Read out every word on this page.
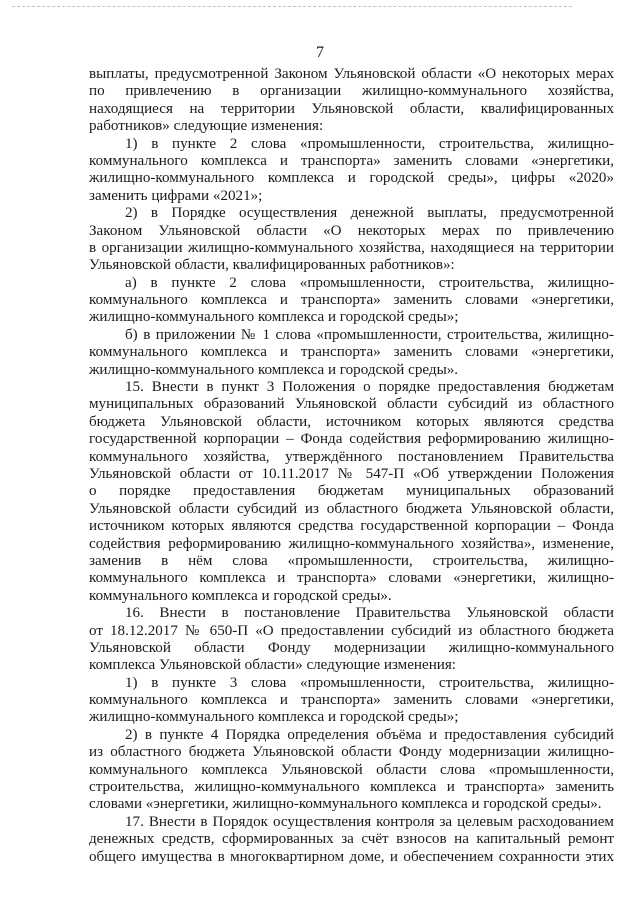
7
выплаты, предусмотренной Законом Ульяновской области «О некоторых мерах
по привлечению в организации жилищно-коммунального хозяйства,
находящиеся на территории Ульяновской области, квалифицированных
работников» следующие изменения:
1) в пункте 2 слова «промышленности, строительства, жилищно-
коммунального комплекса и транспорта» заменить словами «энергетики,
жилищно-коммунального комплекса и городской среды», цифры «2020»
заменить цифрами «2021»;
2) в Порядке осуществления денежной выплаты, предусмотренной
Законом Ульяновской области «О некоторых мерах по привлечению
в организации жилищно-коммунального хозяйства, находящиеся на территории
Ульяновской области, квалифицированных работников»:
а) в пункте 2 слова «промышленности, строительства, жилищно-
коммунального комплекса и транспорта» заменить словами «энергетики,
жилищно-коммунального комплекса и городской среды»;
б) в приложении № 1 слова «промышленности, строительства, жилищно-
коммунального комплекса и транспорта» заменить словами «энергетики,
жилищно-коммунального комплекса и городской среды».
15. Внести в пункт 3 Положения о порядке предоставления бюджетам
муниципальных образований Ульяновской области субсидий из областного
бюджета Ульяновской области, источником которых являются средства
государственной корпорации – Фонда содействия реформированию жилищно-
коммунального хозяйства, утверждённого постановлением Правительства
Ульяновской области от 10.11.2017 № 547-П «Об утверждении Положения
о порядке предоставления бюджетам муниципальных образований
Ульяновской области субсидий из областного бюджета Ульяновской области,
источником которых являются средства государственной корпорации – Фонда
содействия реформированию жилищно-коммунального хозяйства», изменение,
заменив в нём слова «промышленности, строительства, жилищно-
коммунального комплекса и транспорта» словами «энергетики, жилищно-
коммунального комплекса и городской среды».
16. Внести в постановление Правительства Ульяновской области
от 18.12.2017 № 650-П «О предоставлении субсидий из областного бюджета
Ульяновской области Фонду модернизации жилищно-коммунального
комплекса Ульяновской области» следующие изменения:
1) в пункте 3 слова «промышленности, строительства, жилищно-
коммунального комплекса и транспорта» заменить словами «энергетики,
жилищно-коммунального комплекса и городской среды»;
2) в пункте 4 Порядка определения объёма и предоставления субсидий
из областного бюджета Ульяновской области Фонду модернизации жилищно-
коммунального комплекса Ульяновской области слова «промышленности,
строительства, жилищно-коммунального комплекса и транспорта» заменить
словами «энергетики, жилищно-коммунального комплекса и городской среды».
17. Внести в Порядок осуществления контроля за целевым расходованием
денежных средств, сформированных за счёт взносов на капитальный ремонт
общего имущества в многоквартирном доме, и обеспечением сохранности этих
